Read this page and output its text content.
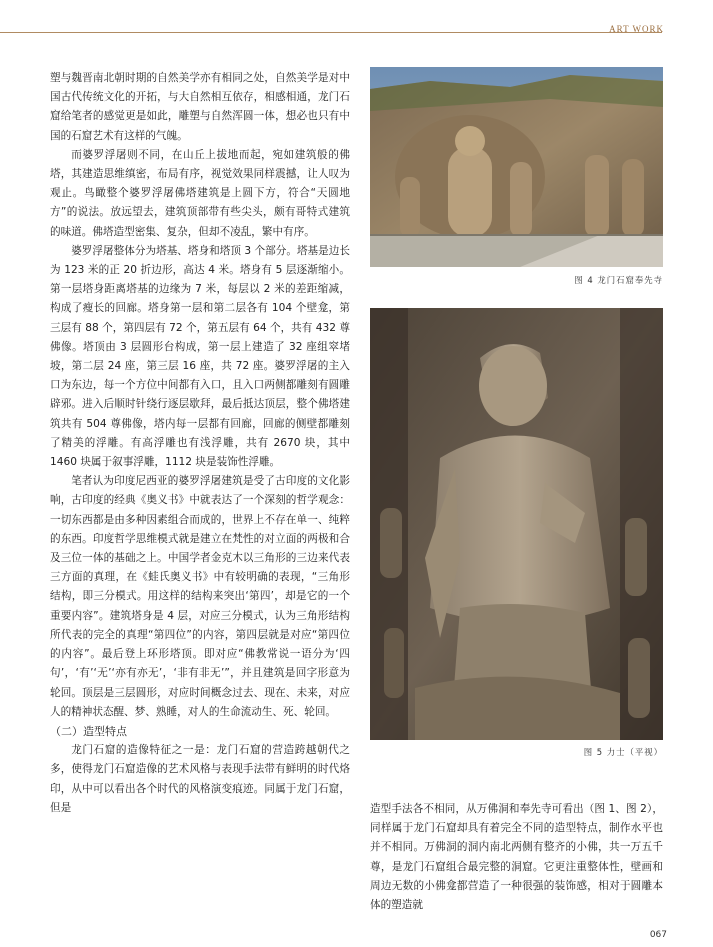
ART WORK

塑与魏晋南北朝时期的自然美学亦有相同之处，自然美学是对中国古代传统文化的开拓，与大自然相互依存，相感相通，龙门石窟给笔者的感觉更是如此，雕塑与自然浑圆一体，想必也只有中国的石窟艺术有这样的气魄。

而婆罗浮屠则不同，在山丘上拔地而起，宛如建筑般的佛塔，其建造思维缜密，布局有序，视觉效果同样震撼，让人叹为观止。鸟瞰整个婆罗浮屠佛塔建筑是上圆下方，符合“天圆地方”的说法。放远望去，建筑顶部带有些尖头，颇有哥特式建筑的味道。佛塔造型密集、复杂，但却不凌乱，繁中有序。

婆罗浮屠整体分为塔基、塔身和塔顶 3 个部分。塔基是边长为 123 米的正 20 折边形，高达 4 米。塔身有 5 层逐渐缩小。第一层塔身距离塔基的边缘为 7 米，每层以 2 米的差距缩减，构成了瘦长的回廊。塔身第一层和第二层各有 104 个壁龛，第三层有 88 个，第四层有 72 个，第五层有 64 个，共有 432 尊佛像。塔顶由 3 层圆形台构成，第一层上建造了 32 座组窣堵坡，第二层 24 座，第三层 16 座，共 72 座。婆罗浮屠的主入口为东边，每一个方位中间都有入口，且入口两侧都雕刻有圆雕辟邪。进入后顺时针绕行逐层歇拜，最后抵达顶层，整个佛塔建筑共有 504 尊佛像，塔内每一层都有回廊，回廊的侧壁都雕刻了精美的浮雕。有高浮雕也有浅浮雕，共有 2670 块，其中 1460 块属于叙事浮雕，1112 块是装饰性浮雕。

笔者认为印度尼西亚的婆罗浮屠建筑是受了古印度的文化影响，古印度的经典《奥义书》中就表达了一个深刻的哲学观念：一切东西都是由多种因素组合而成的，世界上不存在单一、纯粹的东西。印度哲学思维模式就是建立在梵性的对立面的两极和合及三位一体的基础之上。中国学者金克木以三角形的三边来代表三方面的真理，在《蛙氏奥义书》中有较明确的表现，“三角形结构，即三分模式。用这样的结构来突出‘第四’，却是它的一个重要内容”。建筑塔身是 4 层，对应三分模式，认为三角形结构所代表的完全的真理“第四位”的内容，第四层就是对应“第四位的内容”。最后登上环形塔顶。即对应“佛教常说一语分为‘四句’，‘有’‘无’‘亦有亦无’，‘非有非无’”，并且建筑是回字形意为轮回。顶层是三层圆形，对应时间概念过去、现在、未来，对应人的精神状态醒、梦、熟睡，对人的生命流动生、死、轮回。

（二）造型特点

龙门石窟的造像特征之一是：龙门石窟的营造跨越朝代之多，使得龙门石窟造像的艺术风格与表现手法带有鲜明的时代烙印，从中可以看出各个时代的风格演变痕迹。同属于龙门石窟，但是

图 4 龙门石窟奉先寺
图 5 力士（平视）

造型手法各不相同，从万佛洞和奉先寺可看出（图 1、图 2），同样属于龙门石窟却具有着完全不同的造型特点，制作水平也并不相同。万佛洞的洞内南北两侧有整齐的小佛，共一万五千尊，是龙门石窟组合最完整的洞窟。它更注重整体性，壁画和周边无数的小佛龛都营造了一种很强的装饰感，相对于圆雕本体的塑造就

067
